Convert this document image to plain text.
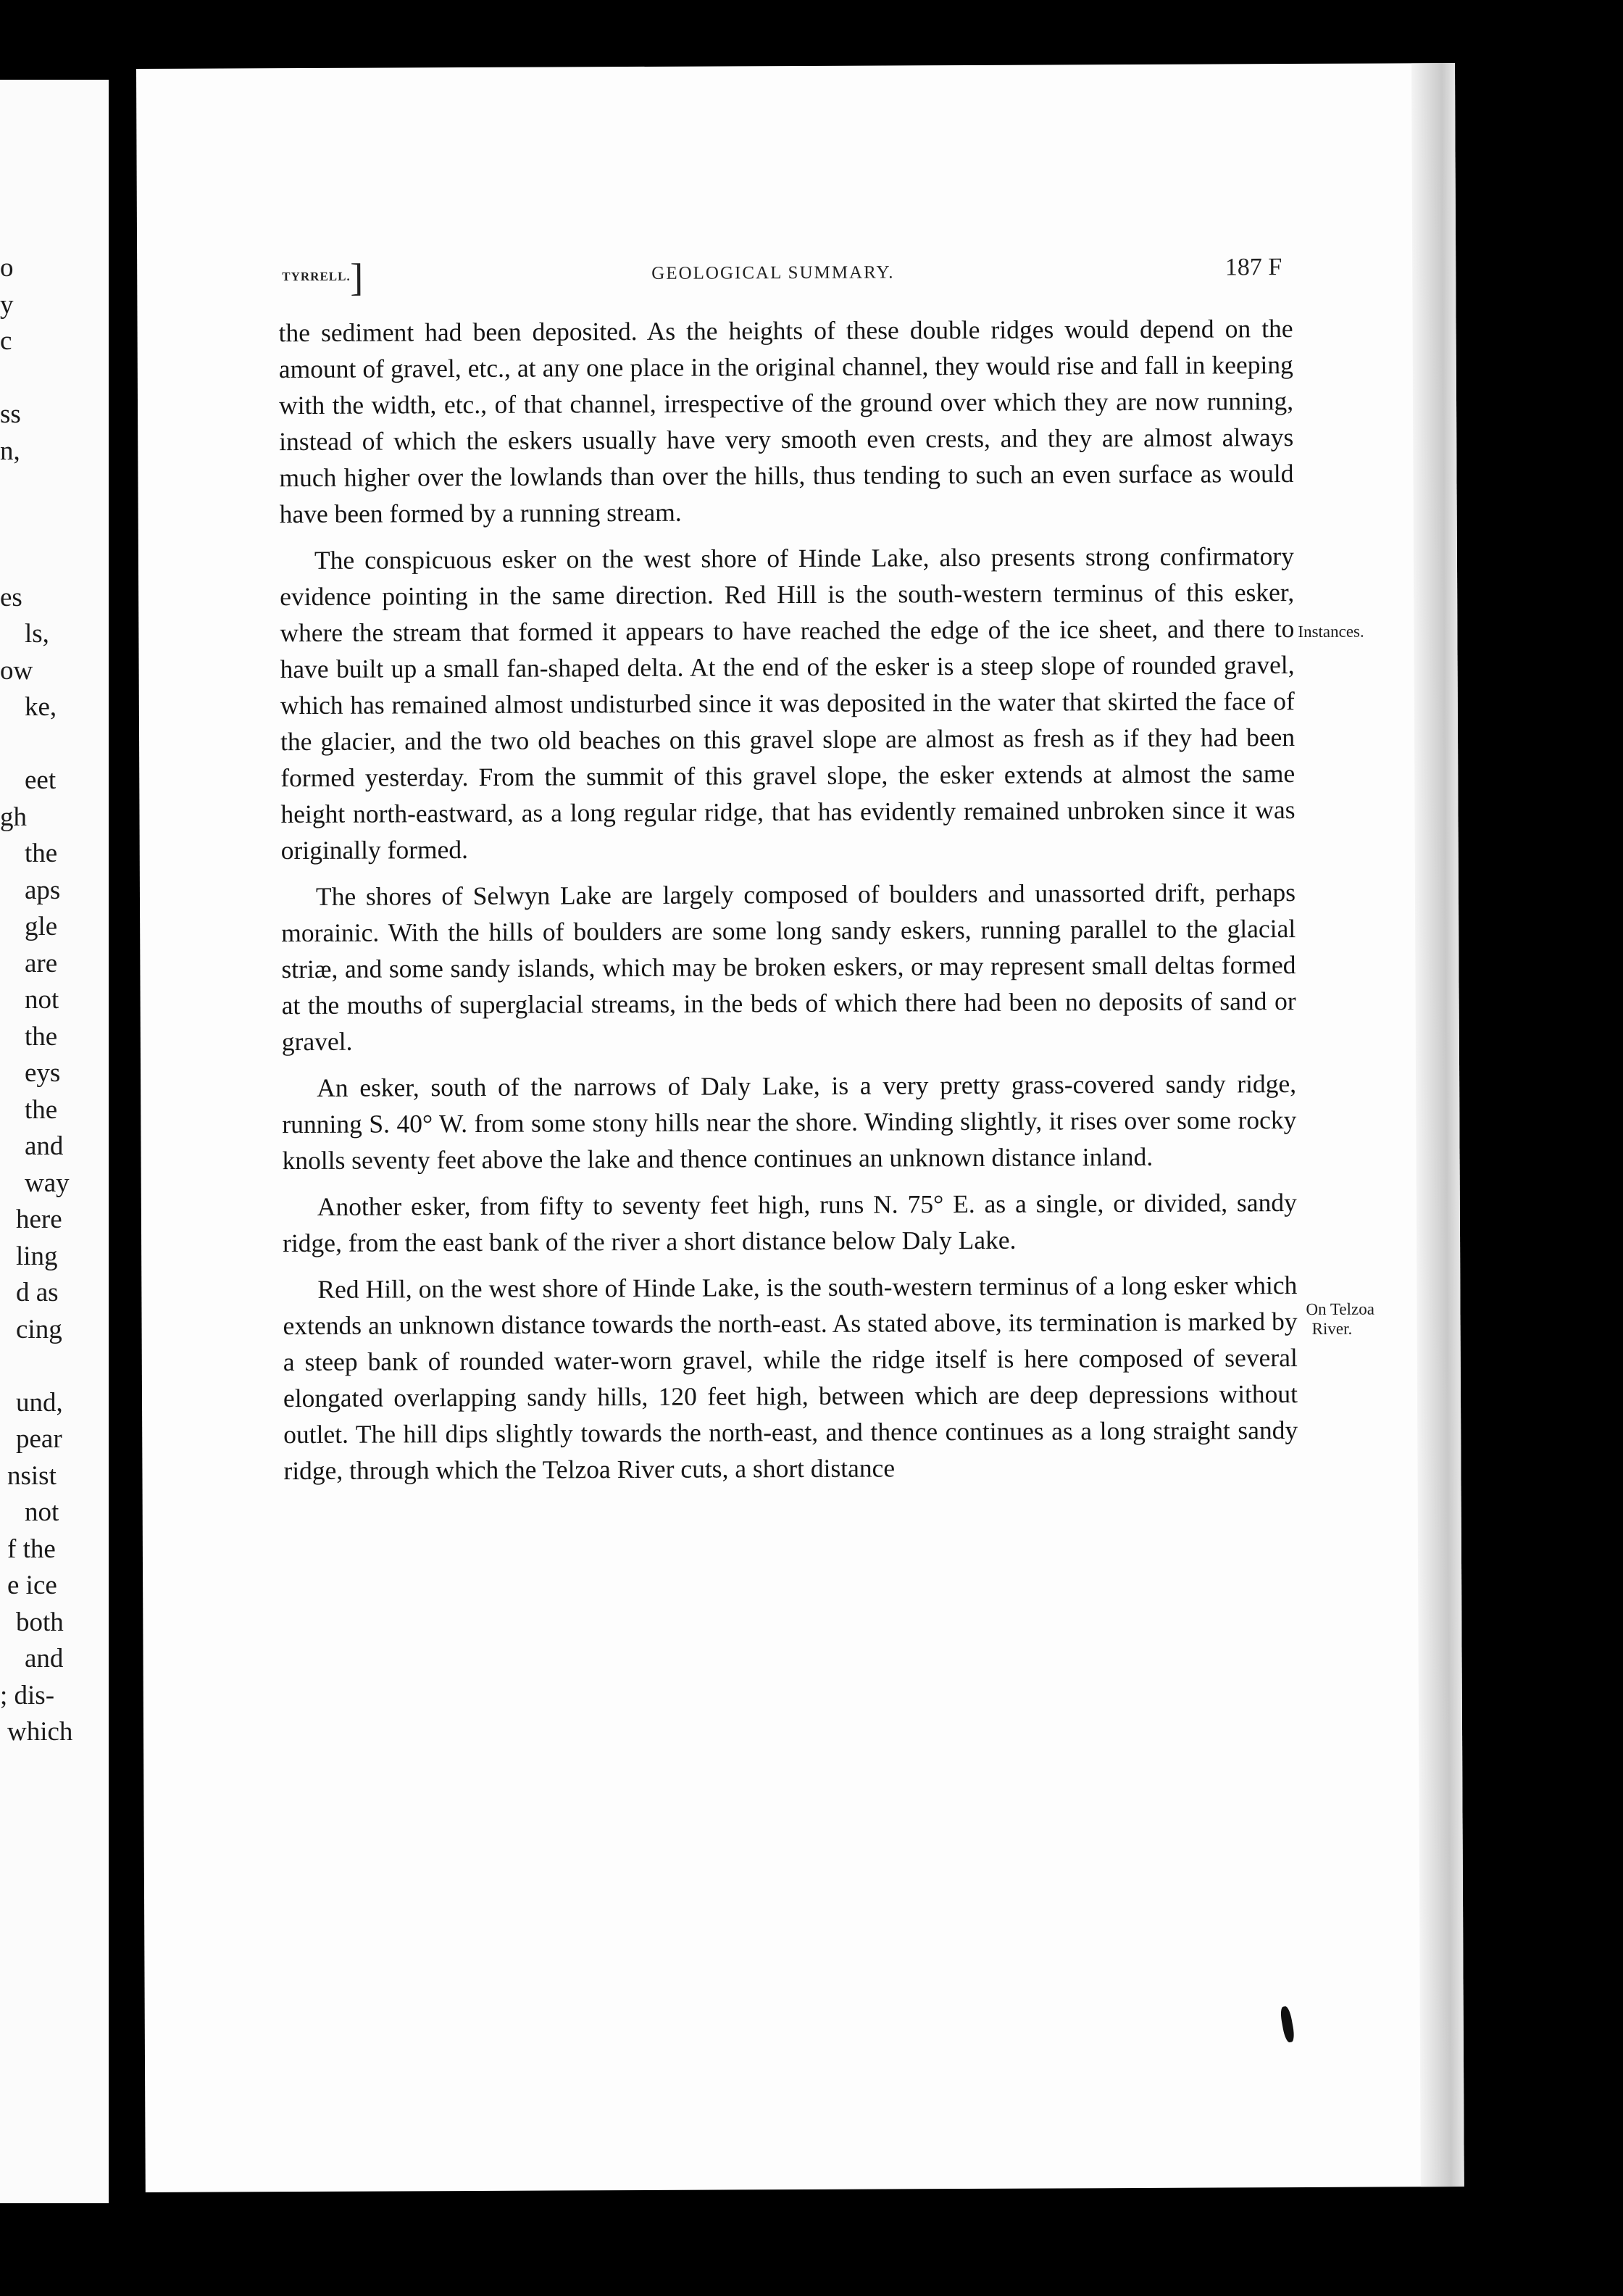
o
y
c
ss
n,
es
ls,
ow
ke,
eet
gh
the
aps
gle
are
not
the
eys
the
and
way
here
ling
d as
cing
und,
pear
nsist
not
f the
e ice
both
and
; dis-
which
TYRRELL. ]	GEOLOGICAL SUMMARY.	187 F

the sediment had been deposited. As the heights of these double ridges would depend on the amount of gravel, etc., at any one place in the original channel, they would rise and fall in keeping with the width, etc., of that channel, irrespective of the ground over which they are now running, instead of which the eskers usually have very smooth even crests, and they are almost always much higher over the lowlands than over the hills, thus tending to such an even surface as would have been formed by a running stream.

The conspicuous esker on the west shore of Hinde Lake, also presents strong confirmatory evidence pointing in the same direction. Red Hill is the south-western terminus of this esker, where the stream that formed it appears to have reached the edge of the ice sheet, and there to have built up a small fan-shaped delta. At the end of the esker is a steep slope of rounded gravel, which has remained almost undisturbed since it was deposited in the water that skirted the face of the glacier, and the two old beaches on this gravel slope are almost as fresh as if they had been formed yesterday. From the summit of this gravel slope, the esker extends at almost the same height north-eastward, as a long regular ridge, that has evidently remained unbroken since it was originally formed.

The shores of Selwyn Lake are largely composed of boulders and unassorted drift, perhaps morainic. With the hills of boulders are some long sandy eskers, running parallel to the glacial striæ, and some sandy islands, which may be broken eskers, or may represent small deltas formed at the mouths of superglacial streams, in the beds of which there had been no deposits of sand or gravel.

An esker, south of the narrows of Daly Lake, is a very pretty grass-covered sandy ridge, running S. 40° W. from some stony hills near the shore. Winding slightly, it rises over some rocky knolls seventy feet above the lake and thence continues an unknown distance inland.

Another esker, from fifty to seventy feet high, runs N. 75° E. as a single, or divided, sandy ridge, from the east bank of the river a short distance below Daly Lake.

Red Hill, on the west shore of Hinde Lake, is the south-western terminus of a long esker which extends an unknown distance towards the north-east. As stated above, its termination is marked by a steep bank of rounded water-worn gravel, while the ridge itself is here composed of several elongated overlapping sandy hills, 120 feet high, between which are deep depressions without outlet. The hill dips slightly towards the north-east, and thence continues as a long straight sandy ridge, through which the Telzoa River cuts, a short distance

Instances.
On Telzoa
River.
